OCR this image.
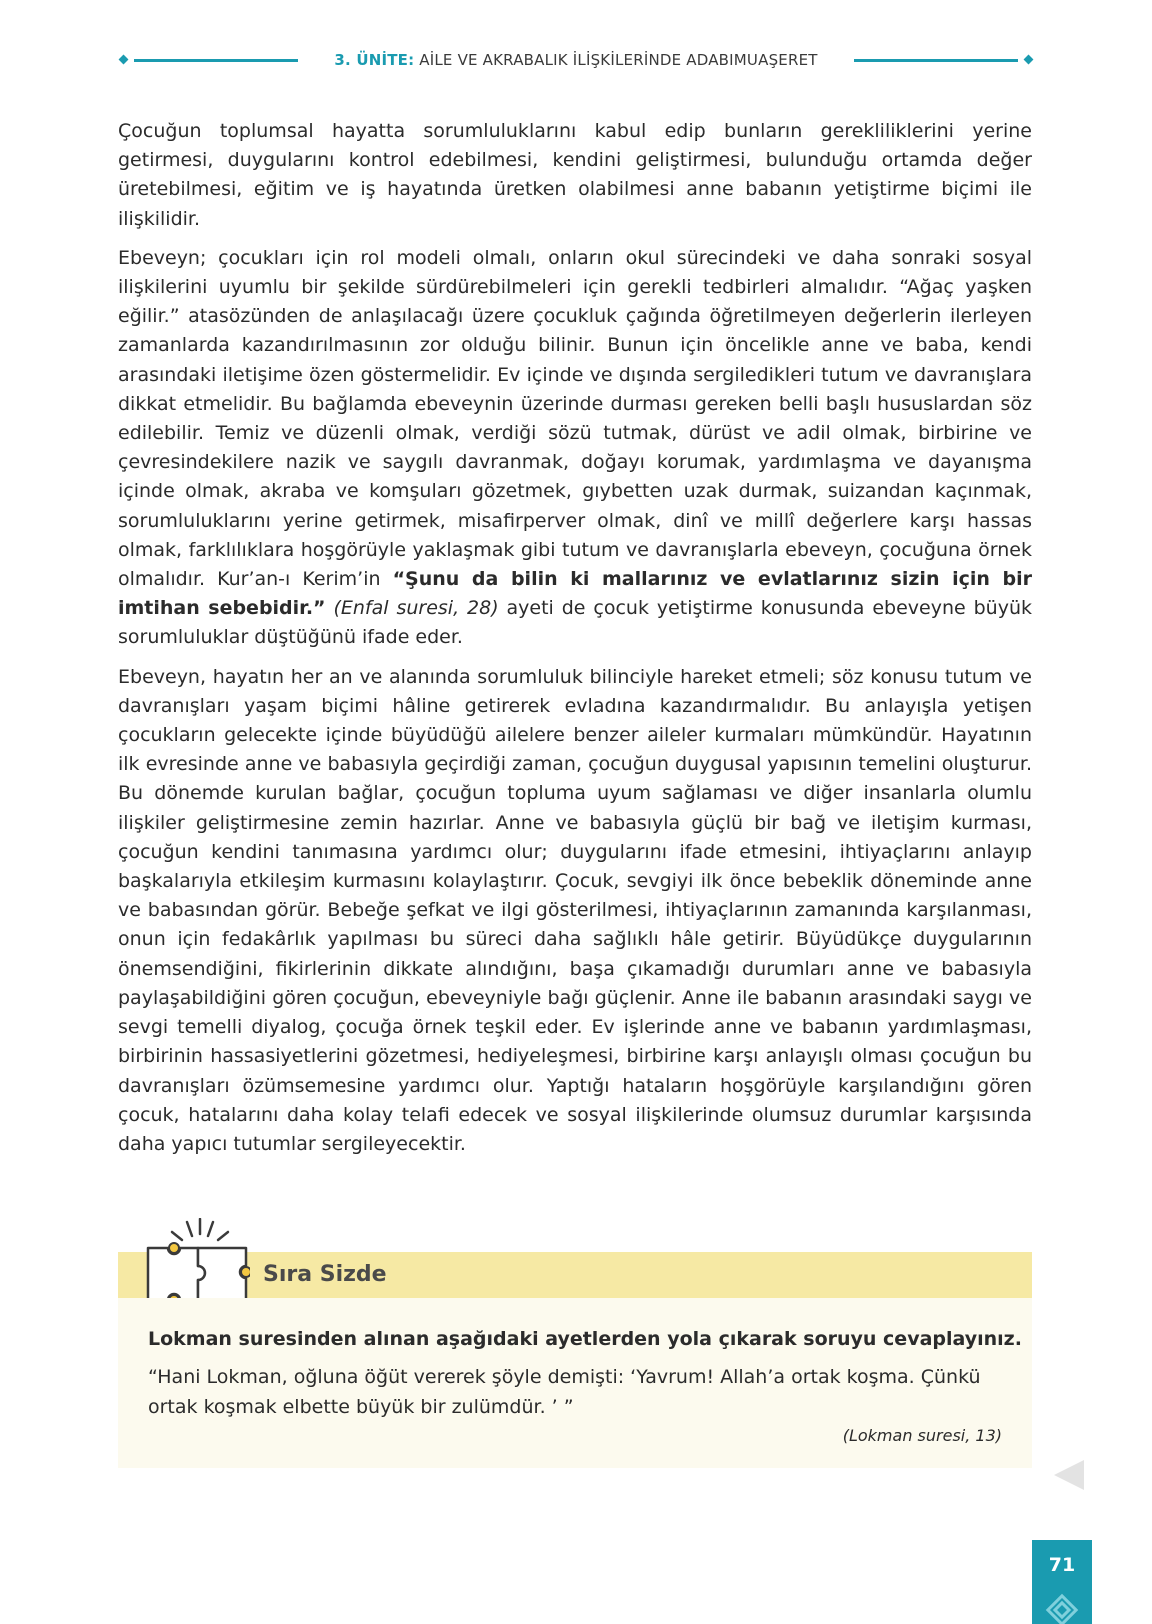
3. ÜNİTE: AİLE VE AKRABALIK İLİŞKİLERİNDE ADABIMUAŞERET

Çocuğun toplumsal hayatta sorumluluklarını kabul edip bunların gerekliliklerini yerine getirmesi, duygularını kontrol edebilmesi, kendini geliştirmesi, bulunduğu ortamda değer üretebilmesi, eğitim ve iş hayatında üretken olabilmesi anne babanın yetiştirme biçimi ile ilişkilidir.

Ebeveyn; çocukları için rol modeli olmalı, onların okul sürecindeki ve daha sonraki sosyal ilişkilerini uyumlu bir şekilde sürdürebilmeleri için gerekli tedbirleri almalıdır. “Ağaç yaşken eğilir.” atasözünden de anlaşılacağı üzere çocukluk çağında öğretilmeyen değerlerin ilerleyen zamanlarda kazandırılmasının zor olduğu bilinir. Bunun için öncelikle anne ve baba, kendi arasındaki iletişime özen göstermelidir. Ev içinde ve dışında sergiledikleri tutum ve davranışlara dikkat etmelidir. Bu bağlamda ebeveynin üzerinde durması gereken belli başlı hususlardan söz edilebilir. Temiz ve düzenli olmak, verdiği sözü tutmak, dürüst ve adil olmak, birbirine ve çevresindekilere nazik ve saygılı davranmak, doğayı korumak, yardımlaşma ve dayanışma içinde olmak, akraba ve komşuları gözetmek, gıybetten uzak durmak, suizandan kaçınmak, sorumluluklarını yerine getirmek, misafirperver olmak, dinî ve millî değerlere karşı hassas olmak, farklılıklara hoşgörüyle yaklaşmak gibi tutum ve davranışlarla ebeveyn, çocuğuna örnek olmalıdır. Kur’an-ı Kerim’in “Şunu da bilin ki mallarınız ve evlatlarınız sizin için bir imtihan sebebidir.” (Enfal suresi, 28) ayeti de çocuk yetiştirme konusunda ebeveyne büyük sorumluluklar düştüğünü ifade eder.

Ebeveyn, hayatın her an ve alanında sorumluluk bilinciyle hareket etmeli; söz konusu tutum ve davranışları yaşam biçimi hâline getirerek evladına kazandırmalıdır. Bu anlayışla yetişen çocukların gelecekte içinde büyüdüğü ailelere benzer aileler kurmaları mümkündür. Hayatının ilk evresinde anne ve babasıyla geçirdiği zaman, çocuğun duygusal yapısının temelini oluşturur. Bu dönemde kurulan bağlar, çocuğun topluma uyum sağlaması ve diğer insanlarla olumlu ilişkiler geliştirmesine zemin hazırlar. Anne ve babasıyla güçlü bir bağ ve iletişim kurması, çocuğun kendini tanımasına yardımcı olur; duygularını ifade etmesini, ihtiyaçlarını anlayıp başkalarıyla etkileşim kurmasını kolaylaştırır. Çocuk, sevgiyi ilk önce bebeklik döneminde anne ve babasından görür. Bebeğe şefkat ve ilgi gösterilmesi, ihtiyaçlarının zamanında karşılanması, onun için fedakârlık yapılması bu süreci daha sağlıklı hâle getirir. Büyüdükçe duygularının önemsendiğini, fikirlerinin dikkate alındığını, başa çıkamadığı durumları anne ve babasıyla paylaşabildiğini gören çocuğun, ebeveyniyle bağı güçlenir. Anne ile babanın arasındaki saygı ve sevgi temelli diyalog, çocuğa örnek teşkil eder. Ev işlerinde anne ve babanın yardımlaşması, birbirinin hassasiyetlerini gözetmesi, hediyeleşmesi, birbirine karşı anlayışlı olması çocuğun bu davranışları özümsemesine yardımcı olur. Yaptığı hataların hoşgörüyle karşılandığını gören çocuk, hatalarını daha kolay telafi edecek ve sosyal ilişkilerinde olumsuz durumlar karşısında daha yapıcı tutumlar sergileyecektir.

Sıra Sizde
Lokman suresinden alınan aşağıdaki ayetlerden yola çıkarak soruyu cevaplayınız.
“Hani Lokman, oğluna öğüt vererek şöyle demişti: ‘Yavrum! Allah’a ortak koşma. Çünkü ortak koşmak elbette büyük bir zulümdür. ’ ”
(Lokman suresi, 13)
71
